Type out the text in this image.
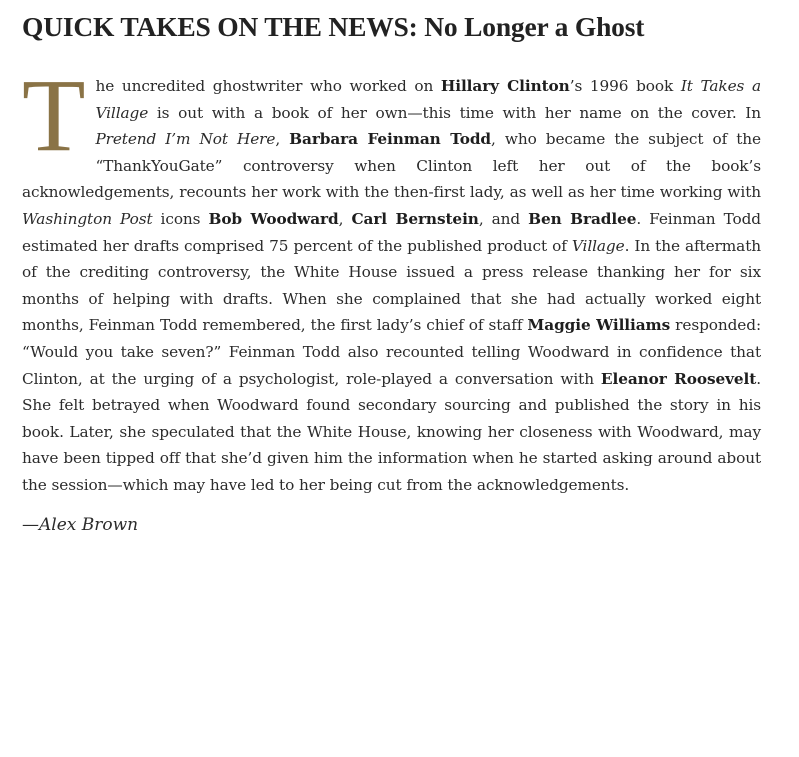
QUICK TAKES ON THE NEWS: No Longer a Ghost
T he uncredited ghostwriter who worked on Hillary Clinton’s 1996 book It Takes a Village is out with a book of her own—this time with her name on the cover. In Pretend I’m Not Here, Barbara Feinman Todd, who became the subject of the “ThankYouGate” controversy when Clinton left her out of the book’s acknowledgements, recounts her work with the then-first lady, as well as her time working with Washington Post icons Bob Woodward, Carl Bernstein, and Ben Bradlee. Feinman Todd estimated her drafts comprised 75 percent of the published product of Village. In the aftermath of the crediting controversy, the White House issued a press release thanking her for six months of helping with drafts. When she complained that she had actually worked eight months, Feinman Todd remembered, the first lady’s chief of staff Maggie Williams responded: “Would you take seven?” Feinman Todd also recounted telling Woodward in confidence that Clinton, at the urging of a psychologist, role-played a conversation with Eleanor Roosevelt. She felt betrayed when Woodward found secondary sourcing and published the story in his book. Later, she speculated that the White House, knowing her closeness with Woodward, may have been tipped off that she’d given him the information when he started asking around about the session—which may have led to her being cut from the acknowledgements.
—Alex Brown
